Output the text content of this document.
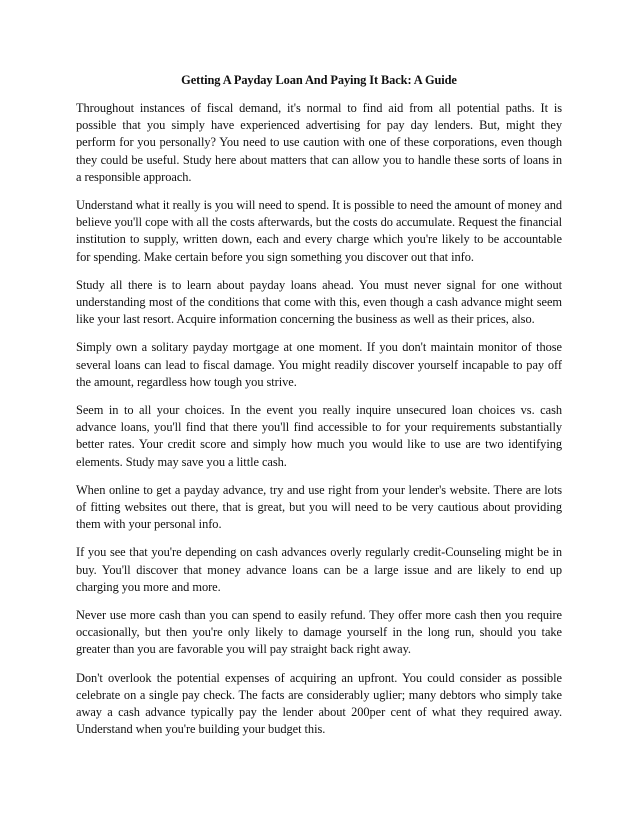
Getting A Payday Loan And Paying It Back: A Guide

Throughout instances of fiscal demand, it's normal to find aid from all potential paths. It is possible that you simply have experienced advertising for pay day lenders. But, might they perform for you personally? You need to use caution with one of these corporations, even though they could be useful. Study here about matters that can allow you to handle these sorts of loans in a responsible approach.

Understand what it really is you will need to spend. It is possible to need the amount of money and believe you'll cope with all the costs afterwards, but the costs do accumulate. Request the financial institution to supply, written down, each and every charge which you're likely to be accountable for spending. Make certain before you sign something you discover out that info.

Study all there is to learn about payday loans ahead. You must never signal for one without understanding most of the conditions that come with this, even though a cash advance might seem like your last resort. Acquire information concerning the business as well as their prices, also.

Simply own a solitary payday mortgage at one moment. If you don't maintain monitor of those several loans can lead to fiscal damage. You might readily discover yourself incapable to pay off the amount, regardless how tough you strive.

Seem in to all your choices. In the event you really inquire unsecured loan choices vs. cash advance loans, you'll find that there you'll find accessible to for your requirements substantially better rates. Your credit score and simply how much you would like to use are two identifying elements. Study may save you a little cash.

When online to get a payday advance, try and use right from your lender's website. There are lots of fitting websites out there, that is great, but you will need to be very cautious about providing them with your personal info.

If you see that you're depending on cash advances overly regularly credit-Counseling might be in buy. You'll discover that money advance loans can be a large issue and are likely to end up charging you more and more.

Never use more cash than you can spend to easily refund. They offer more cash then you require occasionally, but then you're only likely to damage yourself in the long run, should you take greater than you are favorable you will pay straight back right away.

Don't overlook the potential expenses of acquiring an upfront. You could consider as possible celebrate on a single pay check. The facts are considerably uglier; many debtors who simply take away a cash advance typically pay the lender about 200per cent of what they required away. Understand when you're building your budget this.
